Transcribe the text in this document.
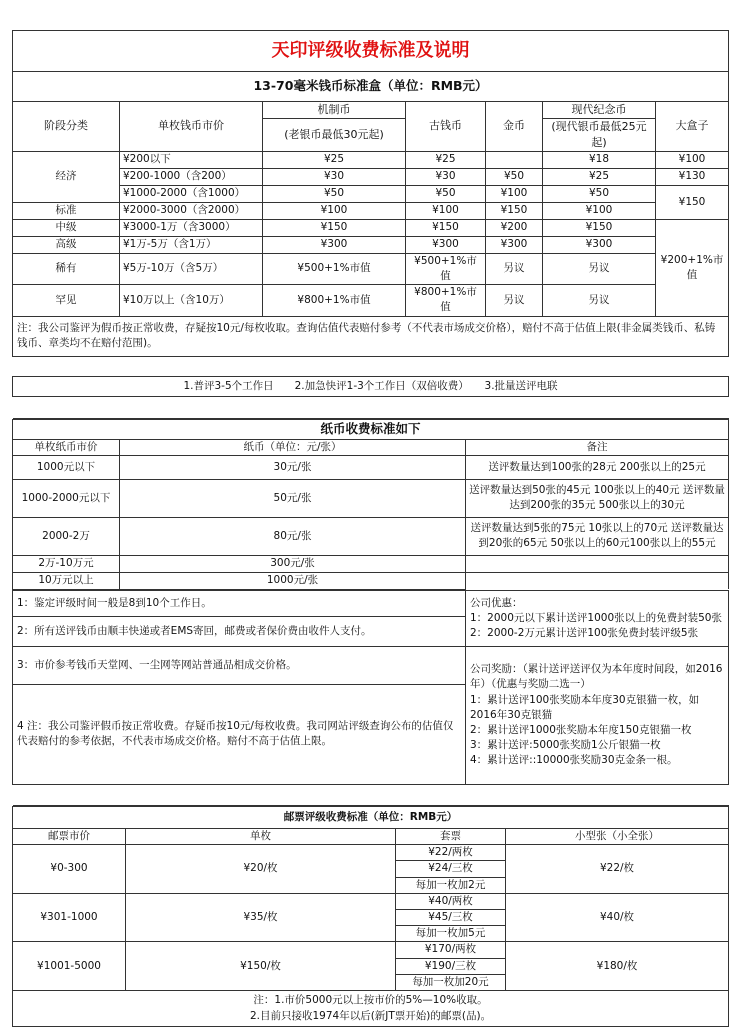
天印评级收费标准及说明						
13-70毫米钱币标准盒（单位：RMB元）						
阶段分类	单枚钱币市价	机制币	古钱币	金币	现代纪念币	大盒子
		(老银币最低30元起)			(现代银币最低25元起)	
经济	¥200以下	¥25	¥25		¥18	¥100
	¥200-1000（含200）	¥30	¥30	¥50	¥25	¥130
	¥1000-2000（含1000）	¥50	¥50	¥100	¥50	¥150
标准	¥2000-3000（含2000）	¥100	¥100	¥150	¥100	
中级	¥3000-1万（含3000）	¥150	¥150	¥200	¥150	¥200+1%市值
高级	¥1万-5万（含1万）	¥300	¥300	¥300	¥300	
稀有	¥5万-10万（含5万）	¥500+1%市值	¥500+1%市值	另议	另议	
罕见	¥10万以上（含10万）	¥800+1%市值	¥800+1%市值	另议	另议	
注：我公司鉴评为假币按正常收费，存疑按10元/每枚收取。查询估值代表赔付参考（不代表市场成交价格），赔付不高于估值上限(非金属类钱币、私铸钱币、章类均不在赔付范围)。						

1.普评3-5个工作日　　2.加急快评1-3个工作日（双倍收费）　　3.批量送评电联						

纸币收费标准如下		
单枚纸币市价	纸币（单位：元/张）	备注
1000元以下	30元/张	送评数量达到100张的28元 200张以上的25元
1000-2000元以下	50元/张	送评数量达到50张的45元 100张以上的40元 送评数量达到200张的35元 500张以上的30元
2000-2万	80元/张	送评数量达到5张的75元 10张以上的70元 送评数量达到20张的65元 50张以上的60元100张以上的55元
2万-10万元	300元/张	
10万元以上	1000元/张	
1：鉴定评级时间一般是8到10个工作日。	公司优惠：
1：2000元以下累计送评1000张以上的免费封装50张
2：2000-2万元累计送评100张免费封装评级5张

2：所有送评钱币由顺丰快递或者EMS寄回，邮费或者保价费由收件人支付。	
3：市价参考钱币天堂网、一尘网等网站普通品相成交价格。	公司奖励：（累计送评送评仅为本年度时间段，如2016年）（优惠与奖励二选一）
1：累计送评100张奖励本年度30克银猫一枚，如2016年30克银猫
2：累计送评1000张奖励本年度150克银猫一枚
3：累计送评:5000张奖励1公斤银猫一枚
4：累计送评::10000张奖励30克金条一根。

4 注：我公司鉴评假币按正常收费。存疑币按10元/每枚收费。我司网站评级查询公布的估值仅代表赔付的参考依据，不代表市场成交价格。赔付不高于估值上限。	

邮票评级收费标准（单位：RMB元）			
邮票市价	单枚	套票	小型张（小全张）
¥0-300	¥20/枚	¥22/两枚	¥22/枚
		¥24/三枚	
		每加一枚加2元	
¥301-1000	¥35/枚	¥40/两枚	¥40/枚
		¥45/三枚	
		每加一枚加5元	
¥1001-5000	¥150/枚	¥170/两枚	¥180/枚
		¥190/三枚	
		每加一枚加20元	

注：1.市价5000元以上按市价的5%—10%收取。
2.目前只接收1974年以后(新JT票开始)的邮票(品)。			
